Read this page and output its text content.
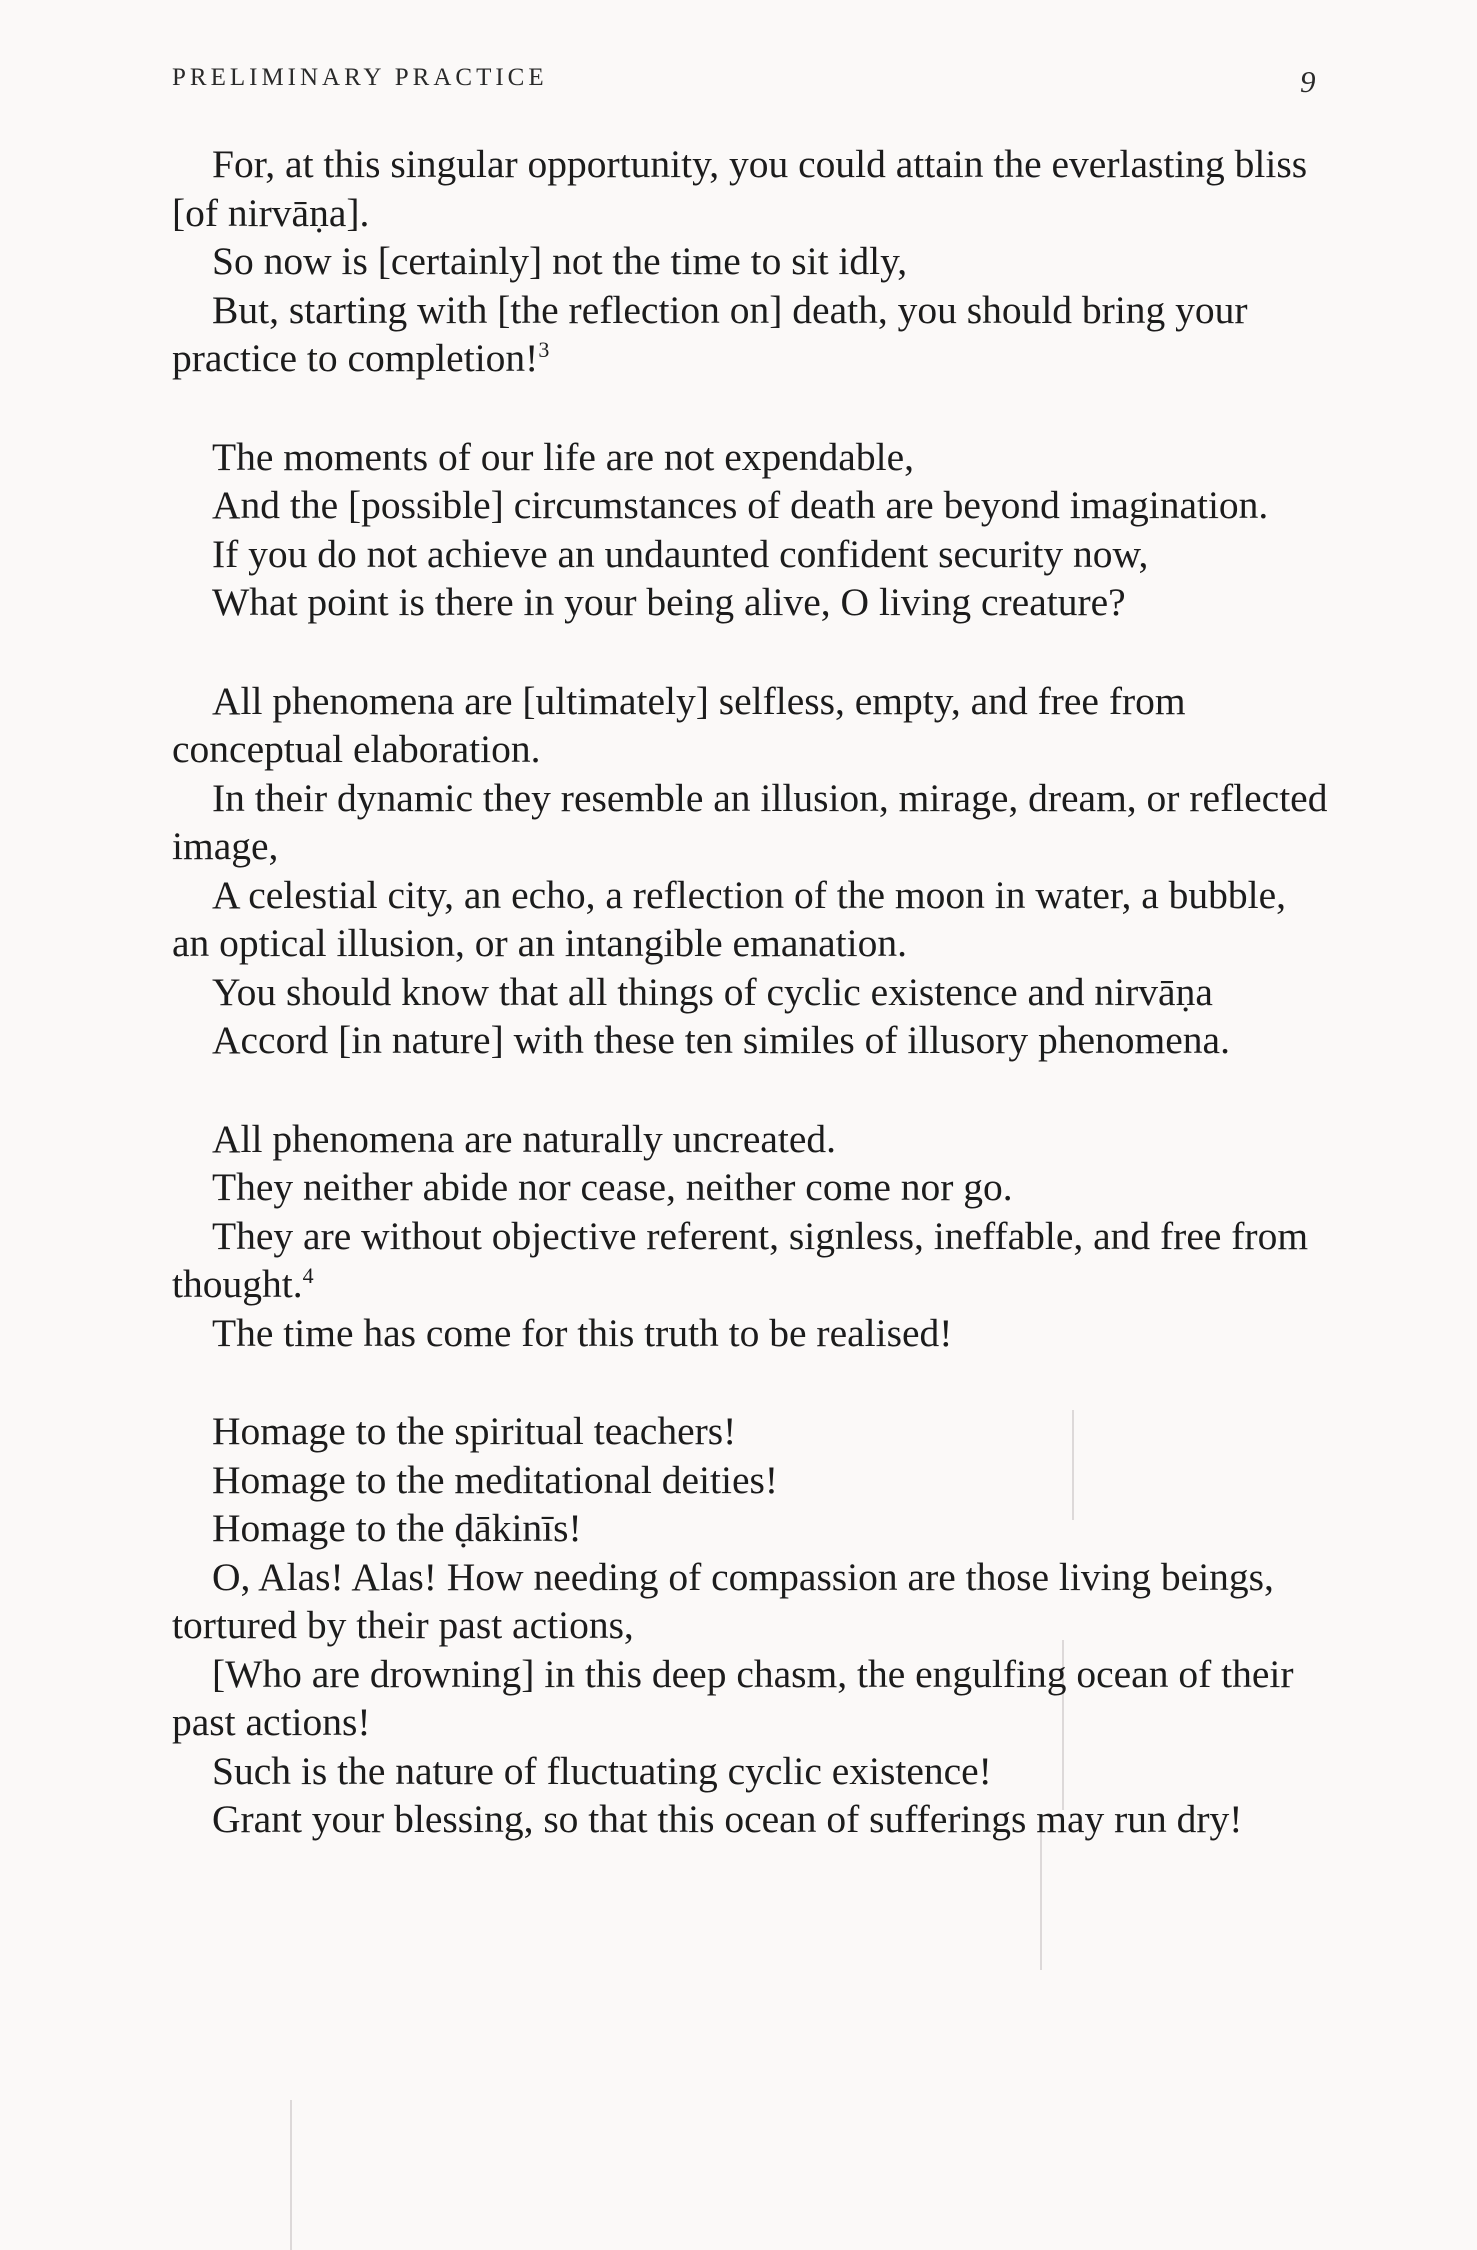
PRELIMINARY PRACTICE	9
For, at this singular opportunity, you could attain the everlasting bliss [of nirvāṇa].
So now is [certainly] not the time to sit idly,
But, starting with [the reflection on] death, you should bring your practice to completion!$^3$
The moments of our life are not expendable,
And the [possible] circumstances of death are beyond imagination.
If you do not achieve an undaunted confident security now,
What point is there in your being alive, O living creature?
All phenomena are [ultimately] selfless, empty, and free from conceptual elaboration.
In their dynamic they resemble an illusion, mirage, dream, or reflected image,
A celestial city, an echo, a reflection of the moon in water, a bubble, an optical illusion, or an intangible emanation.
You should know that all things of cyclic existence and nirvāṇa
Accord [in nature] with these ten similes of illusory phenomena.
All phenomena are naturally uncreated.
They neither abide nor cease, neither come nor go.
They are without objective referent, signless, ineffable, and free from thought.$^4$
The time has come for this truth to be realised!
Homage to the spiritual teachers!
Homage to the meditational deities!
Homage to the ḍākinīs!
O, Alas! Alas! How needing of compassion are those living beings, tortured by their past actions,
[Who are drowning] in this deep chasm, the engulfing ocean of their past actions!
Such is the nature of fluctuating cyclic existence!
Grant your blessing, so that this ocean of sufferings may run dry!
